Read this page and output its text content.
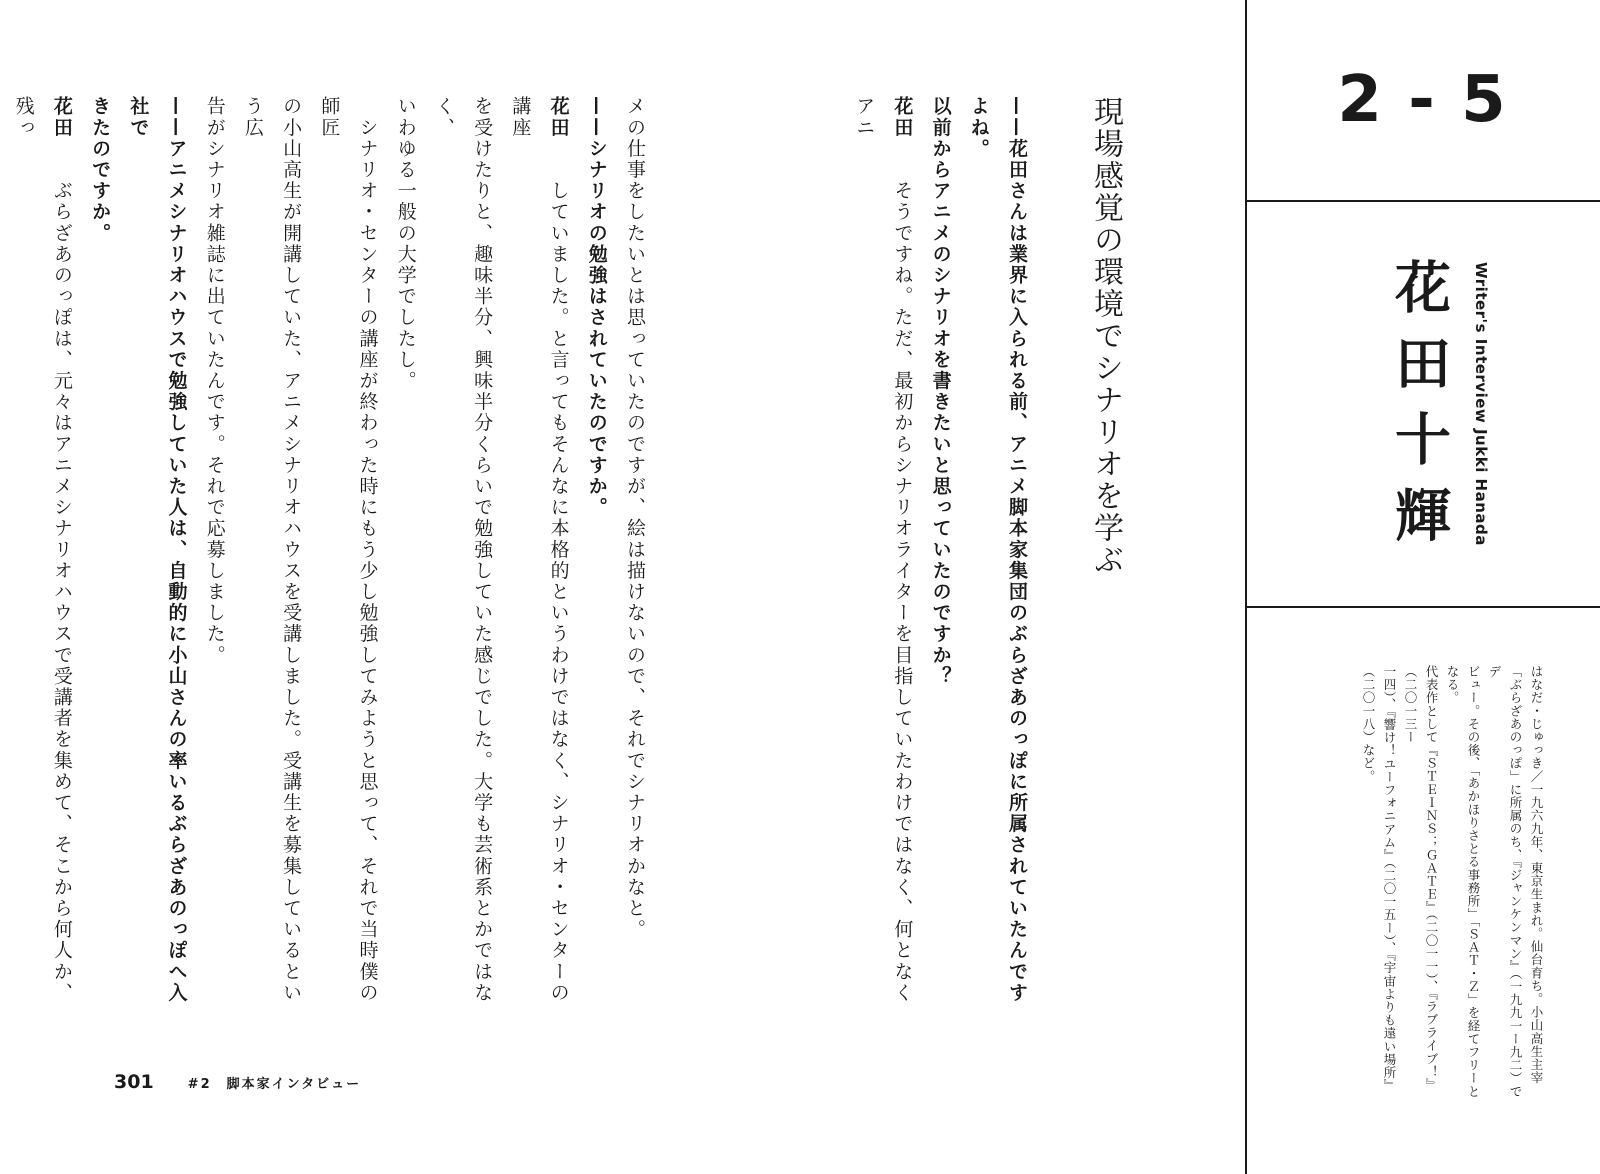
2 - 5
花田十輝 Writer's Interview Jukki Hanada
はなだ・じゅっき／一九六九年、東京生まれ。仙台育ち。小山高生主宰
「ぶらざあのっぽ」に所属のち、『ジャンケンマン』（一九九一ー九二）でデ
ビュー。その後、「あかほりさとる事務所」「ＳＡＴ・Ｚ」を経てフリーとなる。
代表作として『ＳＴＥＩＮＳ；ＧＡＴＥ』（二〇一一）、『ラブライブ！』（二〇一三ー
一四）、『響け！ユーフォニアム』（二〇一五ー）、『宇宙よりも遠い場所』
（二〇一八）など。
現場感覚の環境でシナリオを学ぶ
——花田さんは業界に入られる前、アニメ脚本家集団のぶらざあのっぽに所属されていたんですよね。
以前からアニメのシナリオを書きたいと思っていたのですか？
花田　　そうですね。ただ、最初からシナリオライターを目指していたわけではなく、何となくアニ

メの仕事をしたいとは思っていたのですが、絵は描けないので、それでシナリオかなと。
——シナリオの勉強はされていたのですか。
花田　　していました。と言ってもそんなに本格的というわけではなく、シナリオ・センターの講座
を受けたりと、趣味半分、興味半分くらいで勉強していた感じでした。大学も芸術系とかではなく、
いわゆる一般の大学でしたし。
　シナリオ・センターの講座が終わった時にもう少し勉強してみようと思って、それで当時僕の師匠
の小山高生が開講していた、アニメシナリオハウスを受講しました。受講生を募集しているという広
告がシナリオ雑誌に出ていたんです。それで応募しました。
——アニメシナリオハウスで勉強していた人は、自動的に小山さんの率いるぶらざあのっぽへ入社で
きたのですか。
花田　　ぶらざあのっぽは、元々はアニメシナリオハウスで受講者を集めて、そこから何人か、残っ

301	#2　脚本家インタビュー
